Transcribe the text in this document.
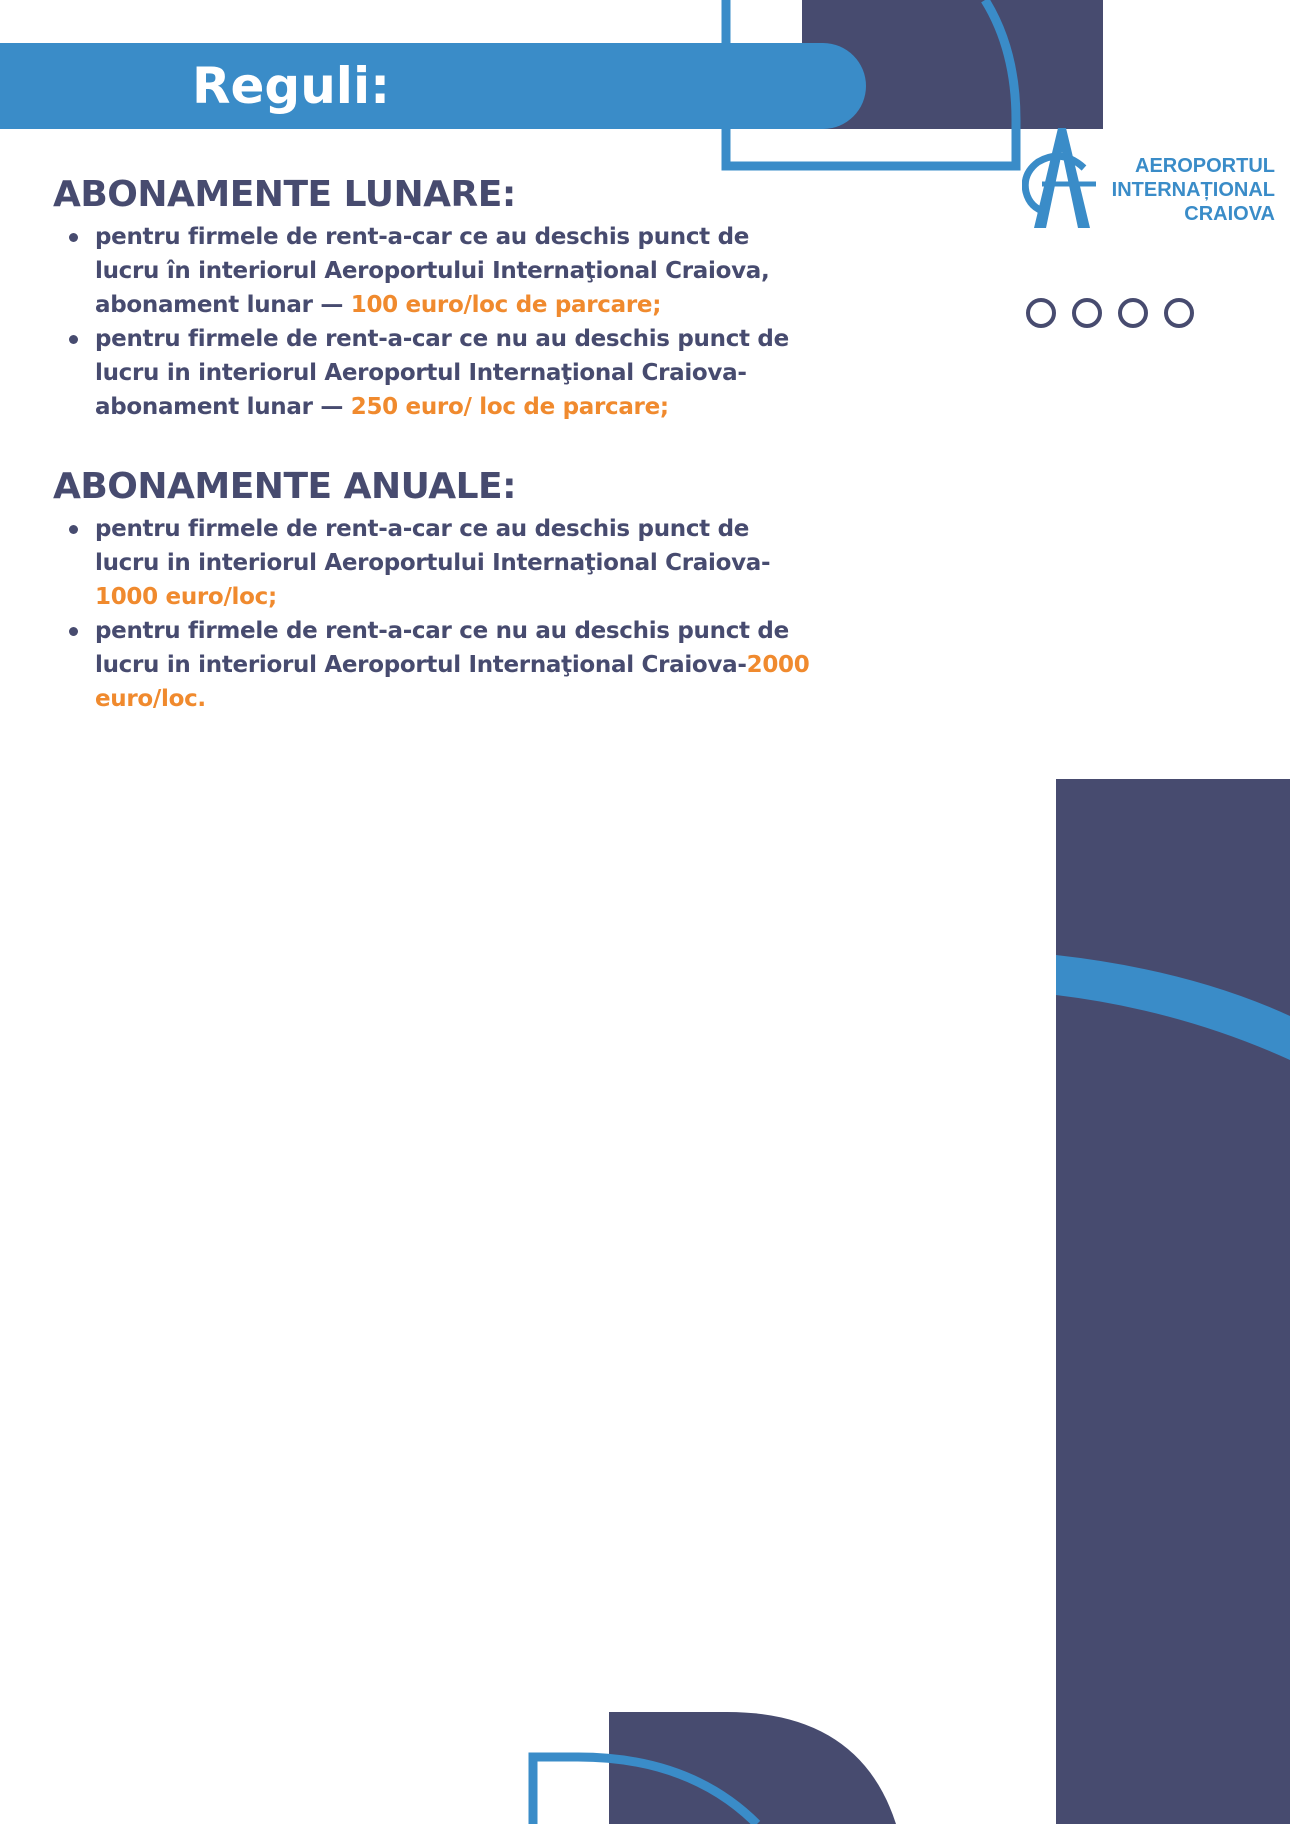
Reguli:
AEROPORTUL
INTERNAȚIONAL
CRAIOVA
ABONAMENTE LUNARE:
pentru firmele de rent-a-car ce au deschis punct de lucru în interiorul Aeroportului Internaţional Craiova, abonament lunar — 100 euro/loc de parcare;
pentru firmele de rent-a-car ce nu au deschis punct de lucru in interiorul Aeroportul Internaţional Craiova- abonament lunar — 250 euro/ loc de parcare;
ABONAMENTE ANUALE:
pentru firmele de rent-a-car ce au deschis punct de lucru in interiorul Aeroportului Internaţional Craiova- 1000 euro/loc;
pentru firmele de rent-a-car ce nu au deschis punct de lucru in interiorul Aeroportul Internaţional Craiova-2000 euro/loc.
